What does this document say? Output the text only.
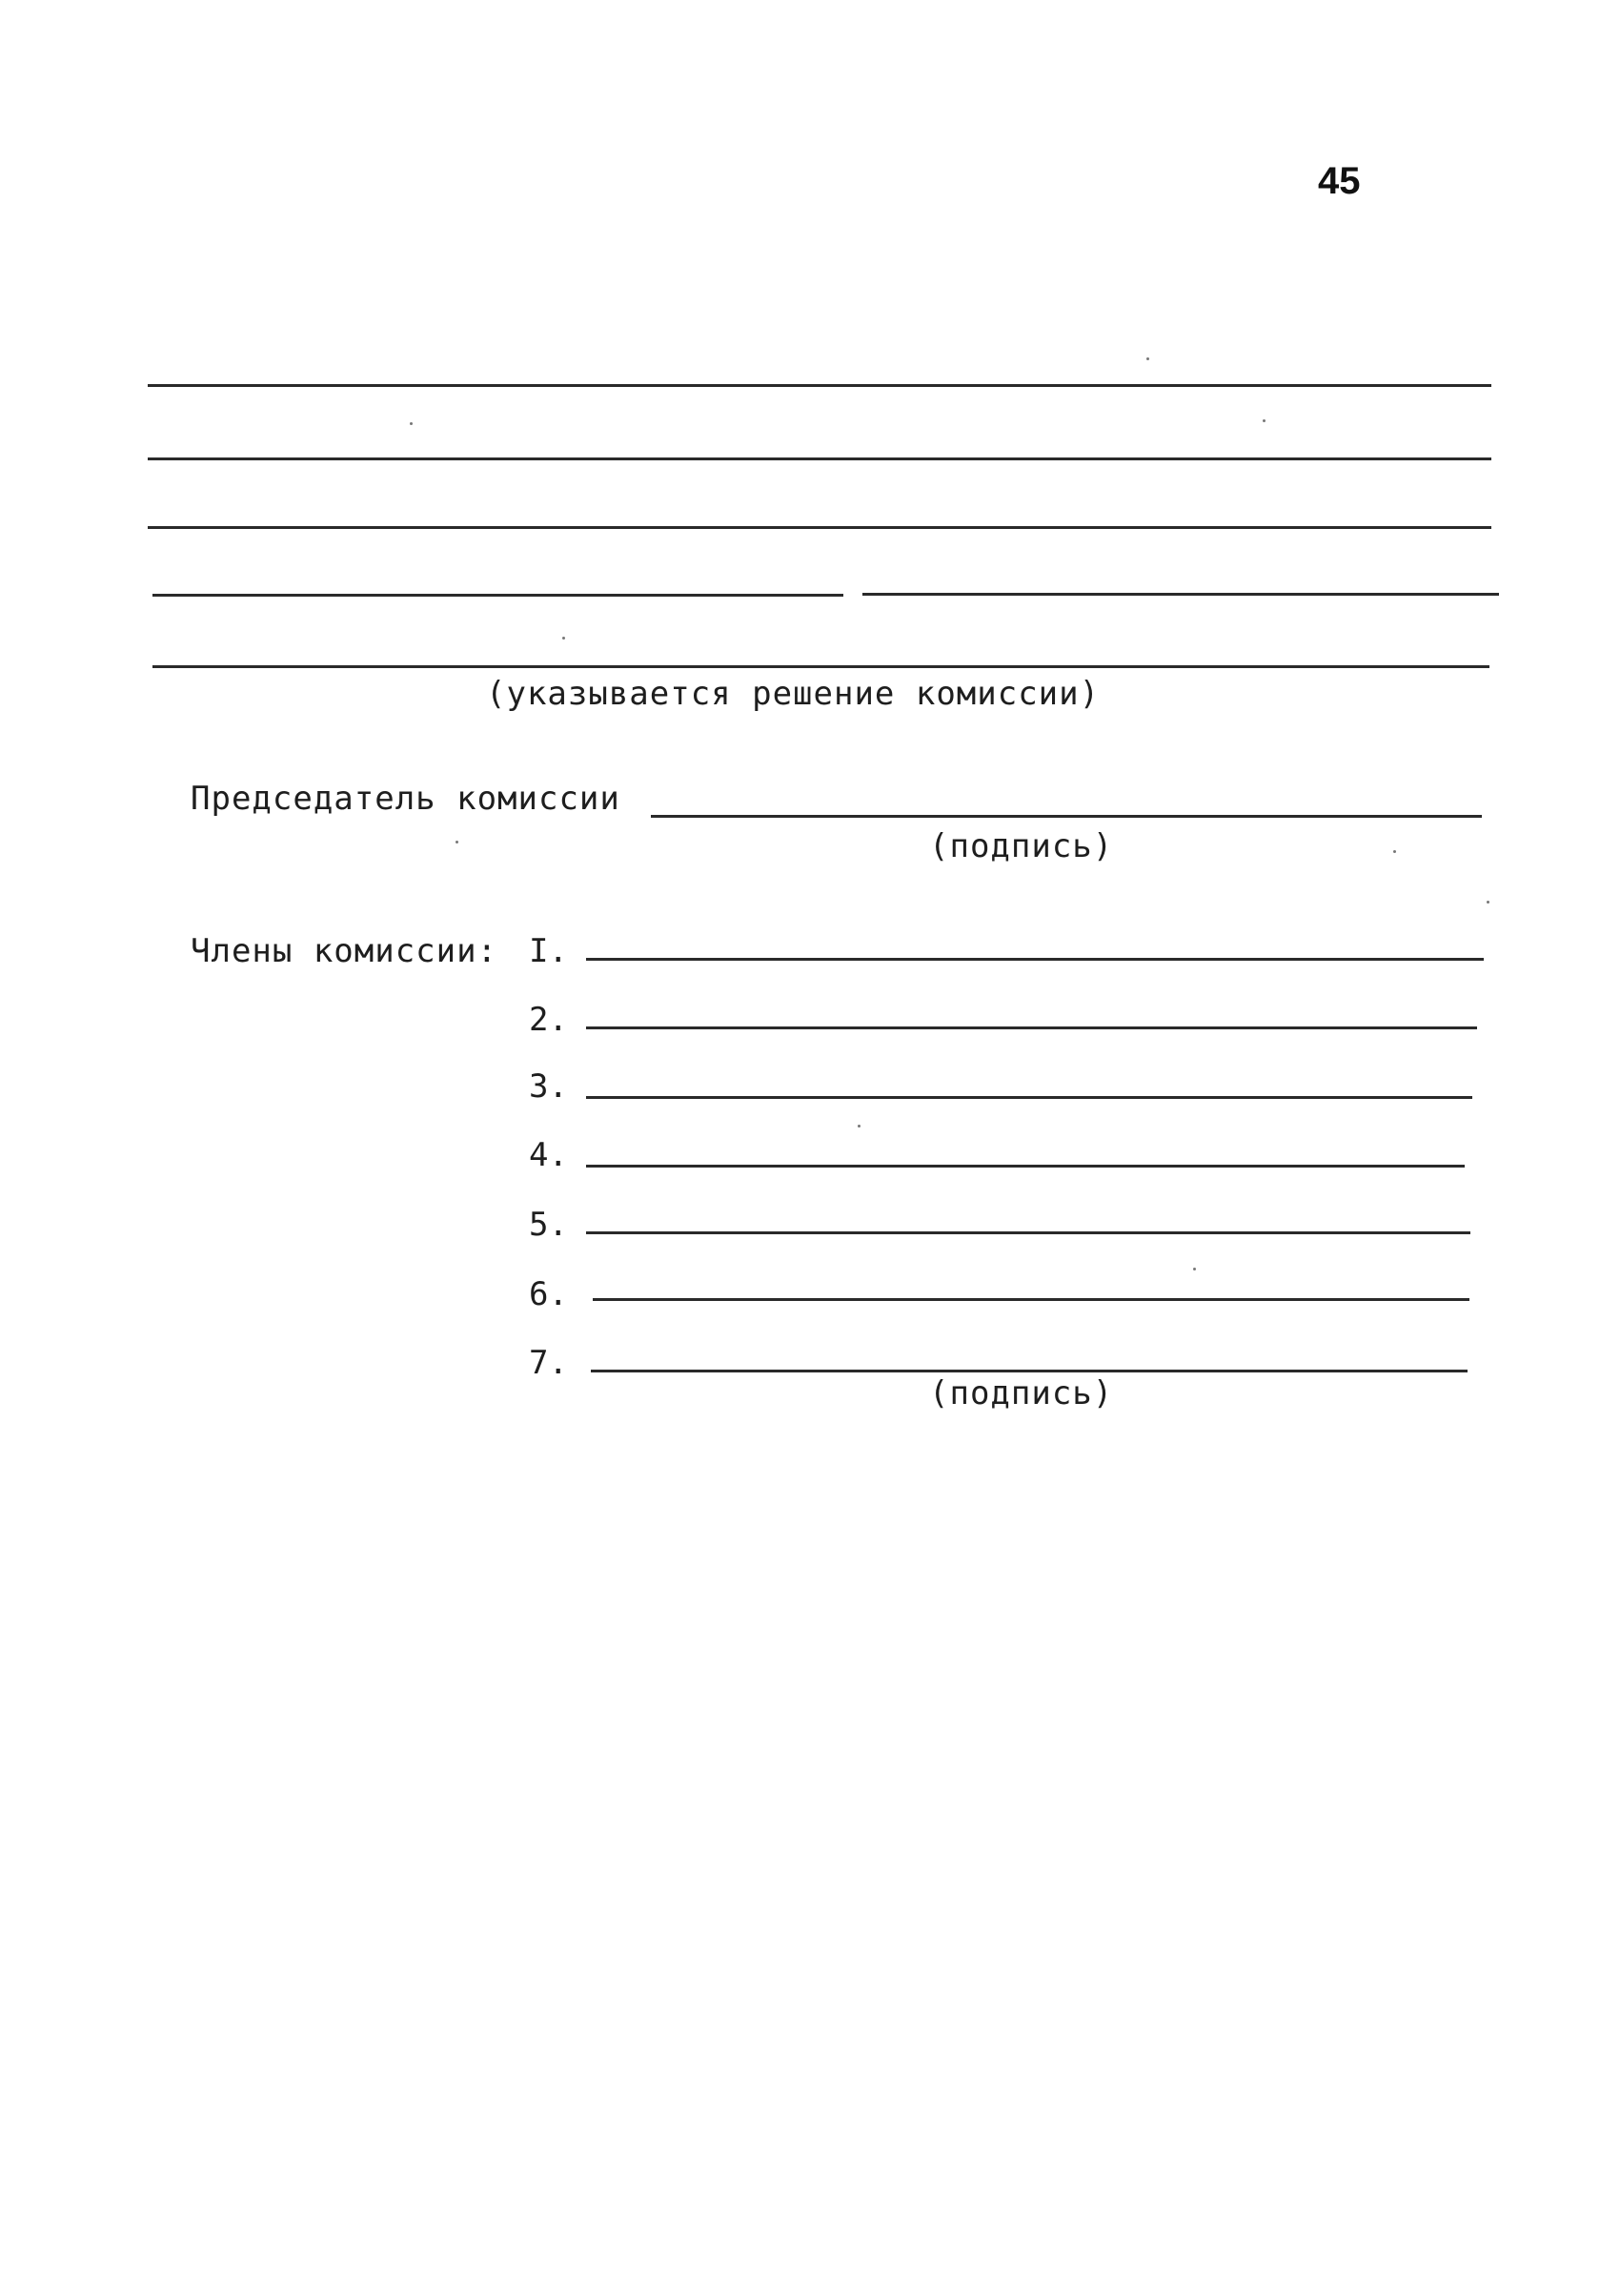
45
(указывается решение комиссии)
Председатель комиссии
(подпись)
Члены комиссии: I.
2.
3.
4.
5.
6.
7.
(подпись)
